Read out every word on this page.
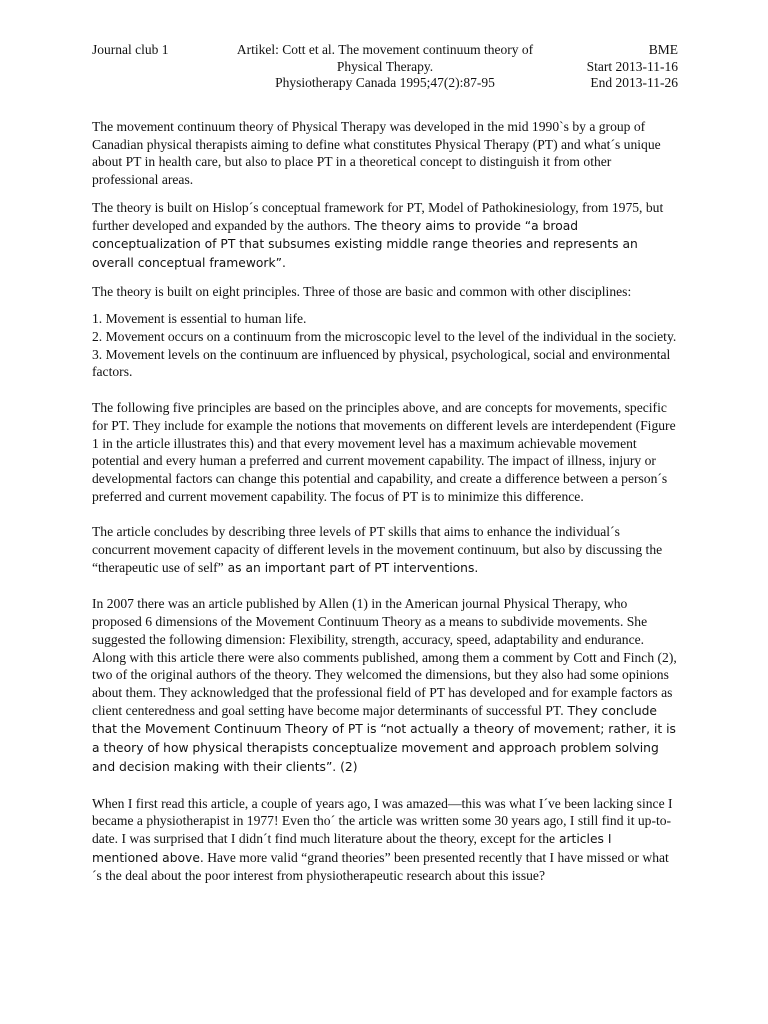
Journal club 1	Artikel: Cott et al. The movement continuum theory of
Physical Therapy.
Physiotherapy Canada 1995;47(2):87-95
BME
Start 2013-11-16
End 2013-11-26

The movement continuum theory of Physical Therapy was developed in the mid 1990`s by a group of Canadian physical therapists aiming to define what constitutes Physical Therapy (PT) and what´s unique about PT in health care, but also to place PT in a theoretical concept to distinguish it from other professional areas.

The theory is built on Hislop´s conceptual framework for PT, Model of Pathokinesiology, from 1975, but further developed and expanded by the authors. The theory aims to provide “a broad conceptualization of PT that subsumes existing middle range theories and represents an overall conceptual framework”.

The theory is built on eight principles. Three of those are basic and common with other disciplines:

1. Movement is essential to human life.
2. Movement occurs on a continuum from the microscopic level to the level of the individual in the society.
3. Movement levels on the continuum are influenced by physical, psychological, social and environmental factors.

The following five principles are based on the principles above, and are concepts for movements, specific for PT. They include for example the notions that movements on different levels are interdependent (Figure 1 in the article illustrates this) and that every movement level has a maximum achievable movement potential and every human a preferred and current movement capability. The impact of illness, injury or developmental factors can change this potential and capability, and create a difference between a person´s preferred and current movement capability. The focus of PT is to minimize this difference.

The article concludes by describing three levels of PT skills that aims to enhance the individual´s concurrent movement capacity of different levels in the movement continuum, but also by discussing the “therapeutic use of self” as an important part of PT interventions.

In 2007 there was an article published by Allen (1) in the American journal Physical Therapy, who proposed 6 dimensions of the Movement Continuum Theory as a means to subdivide movements. She suggested the following dimension: Flexibility, strength, accuracy, speed, adaptability and endurance. Along with this article there were also comments published, among them a comment by Cott and Finch (2), two of the original authors of the theory. They welcomed the dimensions, but they also had some opinions about them. They acknowledged that the professional field of PT has developed and for example factors as client centeredness and goal setting have become major determinants of successful PT. They conclude that the Movement Continuum Theory of PT is “not actually a theory of movement; rather, it is a theory of how physical therapists conceptualize movement and approach problem solving and decision making with their clients”. (2)

When I first read this article, a couple of years ago, I was amazed—this was what I´ve been lacking since I became a physiotherapist in 1977! Even tho´ the article was written some 30 years ago, I still find it up-to-date. I was surprised that I didn´t find much literature about the theory, except for the articles I mentioned above. Have more valid “grand theories” been presented recently that I have missed or what´s the deal about the poor interest from physiotherapeutic research about this issue?
